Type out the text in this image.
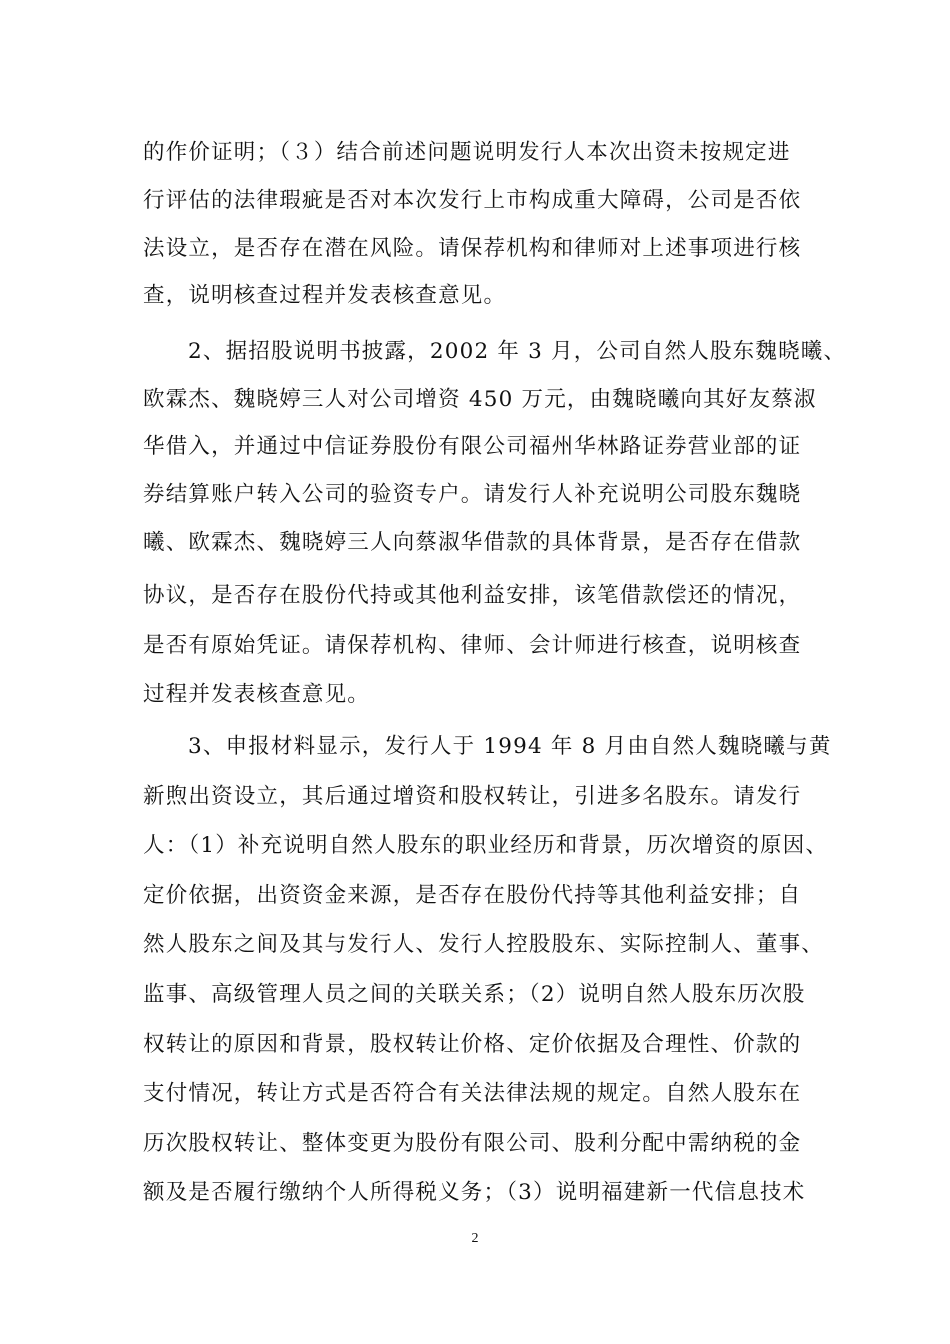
的作价证明；（３）结合前述问题说明发行人本次出资未按规定进
行评估的法律瑕疵是否对本次发行上市构成重大障碍，公司是否依
法设立，是否存在潜在风险。请保荐机构和律师对上述事项进行核
查，说明核查过程并发表核查意见。
2、据招股说明书披露，2002 年 3 月，公司自然人股东魏晓曦、
欧霖杰、魏晓婷三人对公司增资 450 万元，由魏晓曦向其好友蔡淑
华借入，并通过中信证券股份有限公司福州华林路证券营业部的证
券结算账户转入公司的验资专户。请发行人补充说明公司股东魏晓
曦、欧霖杰、魏晓婷三人向蔡淑华借款的具体背景，是否存在借款
协议，是否存在股份代持或其他利益安排，该笔借款偿还的情况，
是否有原始凭证。请保荐机构、律师、会计师进行核查，说明核查
过程并发表核查意见。
3、申报材料显示，发行人于 1994 年 8 月由自然人魏晓曦与黄
新煦出资设立，其后通过增资和股权转让，引进多名股东。请发行
人：（1）补充说明自然人股东的职业经历和背景，历次增资的原因、
定价依据，出资资金来源，是否存在股份代持等其他利益安排；自
然人股东之间及其与发行人、发行人控股股东、实际控制人、董事、
监事、高级管理人员之间的关联关系；（2）说明自然人股东历次股
权转让的原因和背景，股权转让价格、定价依据及合理性、价款的
支付情况，转让方式是否符合有关法律法规的规定。自然人股东在
历次股权转让、整体变更为股份有限公司、股利分配中需纳税的金
额及是否履行缴纳个人所得税义务；（3）说明福建新一代信息技术
2
